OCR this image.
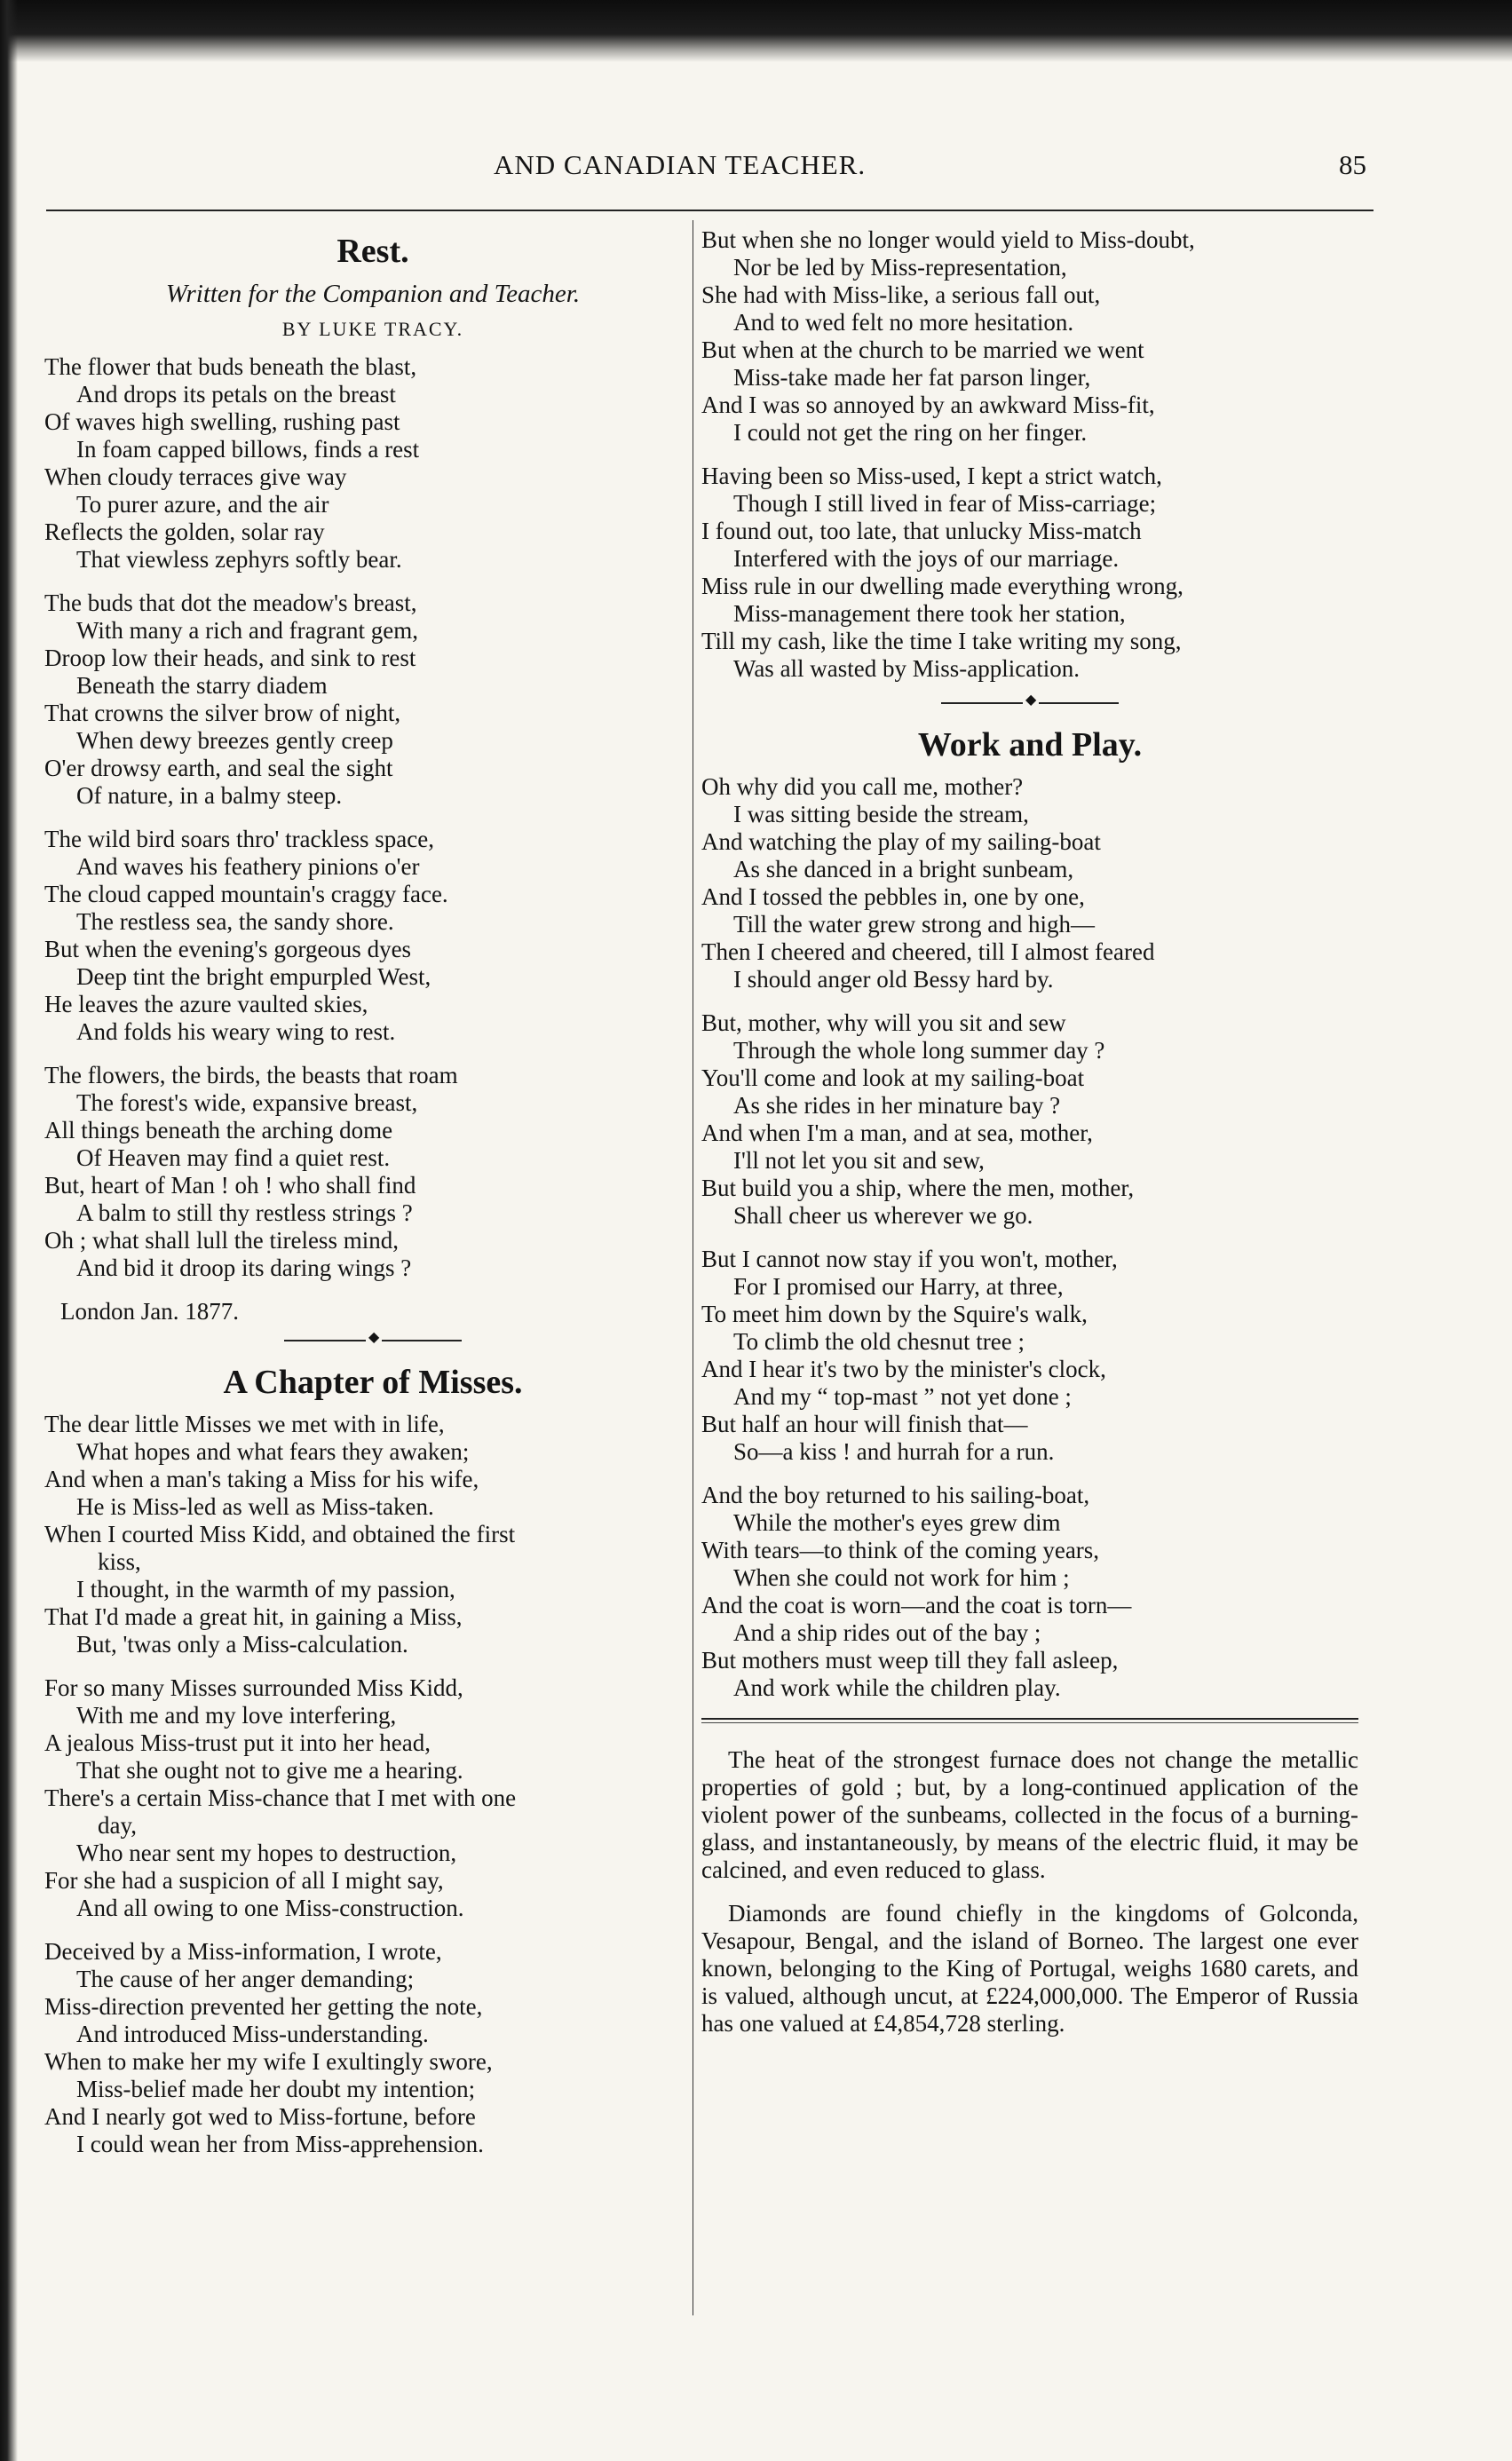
AND CANADIAN TEACHER.	85
Rest.
Written for the Companion and Teacher.
BY LUKE TRACY.
The flower that buds beneath the blast,
And drops its petals on the breast
Of waves high swelling, rushing past
In foam capped billows, finds a rest
When cloudy terraces give way
To purer azure, and the air
Reflects the golden, solar ray
That viewless zephyrs softly bear.
The buds that dot the meadow's breast,
With many a rich and fragrant gem,
Droop low their heads, and sink to rest
Beneath the starry diadem
That crowns the silver brow of night,
When dewy breezes gently creep
O'er drowsy earth, and seal the sight
Of nature, in a balmy steep.
The wild bird soars thro' trackless space,
And waves his feathery pinions o'er
The cloud capped mountain's craggy face.
The restless sea, the sandy shore.
But when the evening's gorgeous dyes
Deep tint the bright empurpled West,
He leaves the azure vaulted skies,
And folds his weary wing to rest.
The flowers, the birds, the beasts that roam
The forest's wide, expansive breast,
All things beneath the arching dome
Of Heaven may find a quiet rest.
But, heart of Man ! oh ! who shall find
A balm to still thy restless strings ?
Oh ; what shall lull the tireless mind,
And bid it droop its daring wings ?
London Jan. 1877.
◆
A Chapter of Misses.
The dear little Misses we met with in life,
What hopes and what fears they awaken;
And when a man's taking a Miss for his wife,
He is Miss-led as well as Miss-taken.
When I courted Miss Kidd, and obtained the first
kiss,
I thought, in the warmth of my passion,
That I'd made a great hit, in gaining a Miss,
But, 'twas only a Miss-calculation.
For so many Misses surrounded Miss Kidd,
With me and my love interfering,
A jealous Miss-trust put it into her head,
That she ought not to give me a hearing.
There's a certain Miss-chance that I met with one
day,
Who near sent my hopes to destruction,
For she had a suspicion of all I might say,
And all owing to one Miss-construction.
Deceived by a Miss-information, I wrote,
The cause of her anger demanding;
Miss-direction prevented her getting the note,
And introduced Miss-understanding.
When to make her my wife I exultingly swore,
Miss-belief made her doubt my intention;
And I nearly got wed to Miss-fortune, before
I could wean her from Miss-apprehension.
But when she no longer would yield to Miss-doubt,
Nor be led by Miss-representation,
She had with Miss-like, a serious fall out,
And to wed felt no more hesitation.
But when at the church to be married we went
Miss-take made her fat parson linger,
And I was so annoyed by an awkward Miss-fit,
I could not get the ring on her finger.
Having been so Miss-used, I kept a strict watch,
Though I still lived in fear of Miss-carriage;
I found out, too late, that unlucky Miss-match
Interfered with the joys of our marriage.
Miss rule in our dwelling made everything wrong,
Miss-management there took her station,
Till my cash, like the time I take writing my song,
Was all wasted by Miss-application.
◆
Work and Play.
Oh why did you call me, mother?
I was sitting beside the stream,
And watching the play of my sailing-boat
As she danced in a bright sunbeam,
And I tossed the pebbles in, one by one,
Till the water grew strong and high—
Then I cheered and cheered, till I almost feared
I should anger old Bessy hard by.
But, mother, why will you sit and sew
Through the whole long summer day ?
You'll come and look at my sailing-boat
As she rides in her minature bay ?
And when I'm a man, and at sea, mother,
I'll not let you sit and sew,
But build you a ship, where the men, mother,
Shall cheer us wherever we go.
But I cannot now stay if you won't, mother,
For I promised our Harry, at three,
To meet him down by the Squire's walk,
To climb the old chesnut tree ;
And I hear it's two by the minister's clock,
And my “ top-mast ” not yet done ;
But half an hour will finish that—
So—a kiss ! and hurrah for a run.
And the boy returned to his sailing-boat,
While the mother's eyes grew dim
With tears—to think of the coming years,
When she could not work for him ;
And the coat is worn—and the coat is torn—
And a ship rides out of the bay ;
But mothers must weep till they fall asleep,
And work while the children play.

The heat of the strongest furnace does not change the metallic properties of gold ; but, by a long-continued application of the violent power of the sunbeams, collected in the focus of a burning-glass, and instantaneously, by means of the electric fluid, it may be calcined, and even reduced to glass.

Diamonds are found chiefly in the kingdoms of Golconda, Vesapour, Bengal, and the island of Borneo. The largest one ever known, belonging to the King of Portugal, weighs 1680 carets, and is valued, although uncut, at £224,000,000. The Emperor of Russia has one valued at £4,854,728 sterling.
